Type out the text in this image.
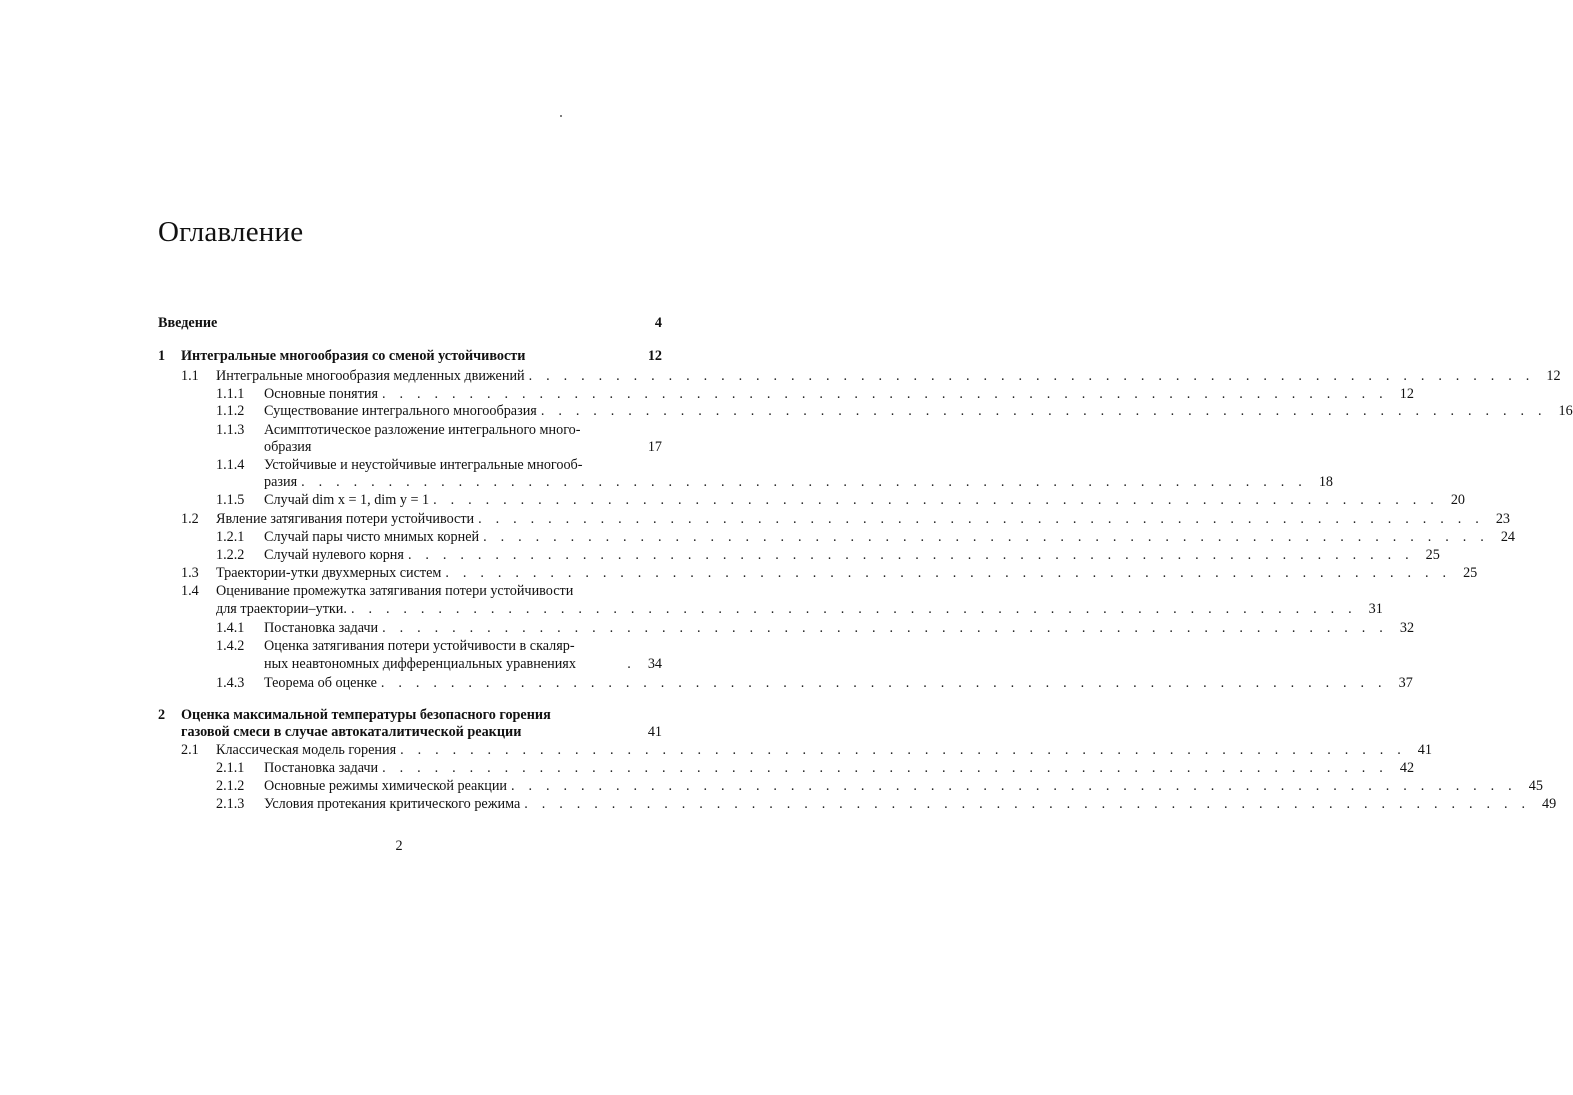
Оглавление
Введение	4
1	Интегральные многообразия со сменой устойчивости	12
1.1	Интегральные многообразия медленных движений . . . . . . . . . . . . . . . . . . . . . . . . . . . . . . . . . . . . . . . . . . . . . . . . . . . . . . . . . . 12
1.1.1	Основные понятия . . . . . . . . . . . . . . . . . . . . . . . . . . . . . . . . . . . . . . . . . . . . . . . . . . . . . . . . . . 12
1.1.2	Существование интегрального многообразия . . . . . . . . . . . . . . . . . . . . . . . . . . . . . . . . . . . . . . . . . . . . . . . . . . . . . . . . . . 16
1.1.3	Асимптотическое разложение интегрального много-
образия	17
1.1.4	Устойчивые и неустойчивые интегральные многооб-
разия . . . . . . . . . . . . . . . . . . . . . . . . . . . . . . . . . . . . . . . . . . . . . . . . . . . . . . . . . . 18
1.1.5	Случай dim x = 1, dim y = 1 . . . . . . . . . . . . . . . . . . . . . . . . . . . . . . . . . . . . . . . . . . . . . . . . . . . . . . . . . . 20
1.2	Явление затягивания потери устойчивости . . . . . . . . . . . . . . . . . . . . . . . . . . . . . . . . . . . . . . . . . . . . . . . . . . . . . . . . . . 23
1.2.1	Случай пары чисто мнимых корней . . . . . . . . . . . . . . . . . . . . . . . . . . . . . . . . . . . . . . . . . . . . . . . . . . . . . . . . . . 24
1.2.2	Случай нулевого корня . . . . . . . . . . . . . . . . . . . . . . . . . . . . . . . . . . . . . . . . . . . . . . . . . . . . . . . . . . 25
1.3	Траектории-утки двухмерных систем . . . . . . . . . . . . . . . . . . . . . . . . . . . . . . . . . . . . . . . . . . . . . . . . . . . . . . . . . . 25
1.4	Оценивание промежутка затягивания потери устойчивости
для траектории–утки. . . . . . . . . . . . . . . . . . . . . . . . . . . . . . . . . . . . . . . . . . . . . . . . . . . . . . . . . . . 31
1.4.1	Постановка задачи . . . . . . . . . . . . . . . . . . . . . . . . . . . . . . . . . . . . . . . . . . . . . . . . . . . . . . . . . . 32
1.4.2	Оценка затягивания потери устойчивости в скаляр-
ных неавтономных дифференциальных уравнениях	. 34
1.4.3	Теорема об оценке . . . . . . . . . . . . . . . . . . . . . . . . . . . . . . . . . . . . . . . . . . . . . . . . . . . . . . . . . . 37
2	Оценка максимальной температуры безопасного горения
газовой смеси в случае автокаталитической реакции	41
2.1	Классическая модель горения . . . . . . . . . . . . . . . . . . . . . . . . . . . . . . . . . . . . . . . . . . . . . . . . . . . . . . . . . . 41
2.1.1	Постановка задачи . . . . . . . . . . . . . . . . . . . . . . . . . . . . . . . . . . . . . . . . . . . . . . . . . . . . . . . . . . 42
2.1.2	Основные режимы химической реакции . . . . . . . . . . . . . . . . . . . . . . . . . . . . . . . . . . . . . . . . . . . . . . . . . . . . . . . . . . 45
2.1.3	Условия протекания критического режима . . . . . . . . . . . . . . . . . . . . . . . . . . . . . . . . . . . . . . . . . . . . . . . . . . . . . . . . . . 49
2
